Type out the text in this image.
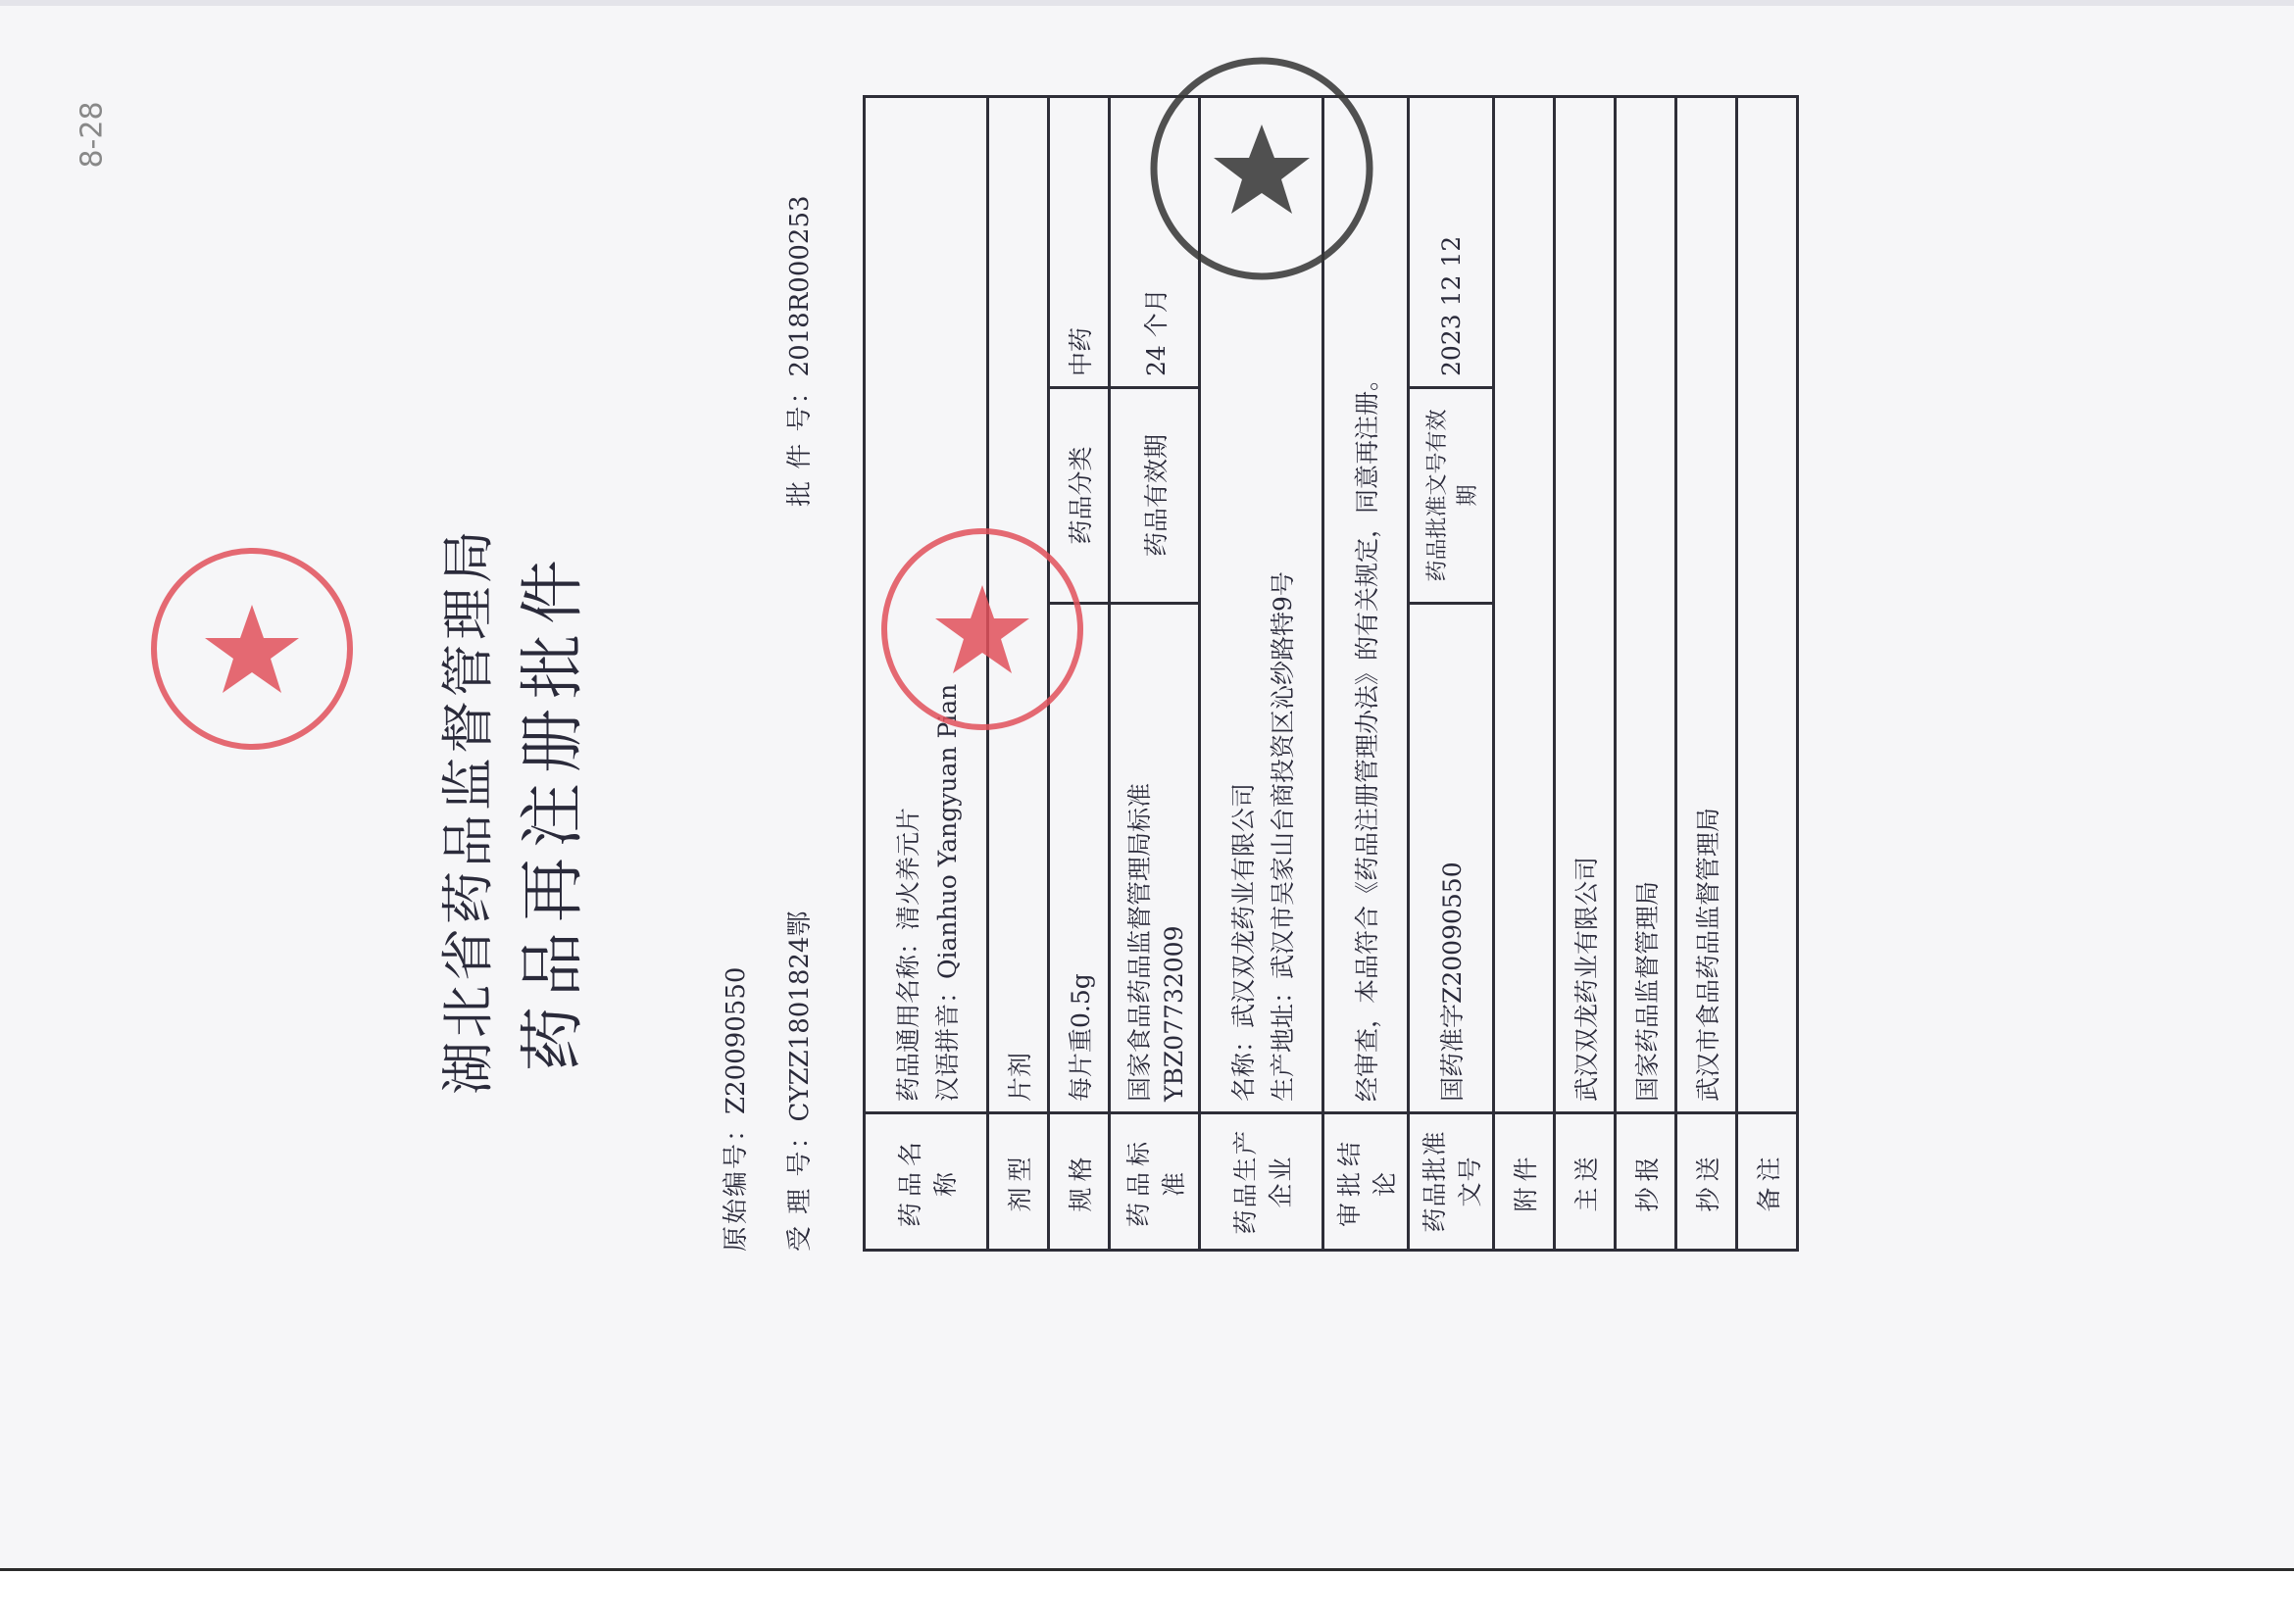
8-28
湖北省药品监督管理局 药品再注册批件
原始编号：Z20090550
受 理 号：CYZZ1801824鄂
批 件 号：2018R000253
药品名称	药品通用名称：清火养元片
汉语拼音：Qianhuo Yangyuan Pian		

剂型	片剂		
规格	每片重0.5g	药品分类	中药
药品标准	国家食品药品监督管理局标准 YBZ07732009	药品有效期	24 个月
药品生产企业	名称：武汉双龙药业有限公司
生产地址：武汉市吴家山台商投资区沁纱路特9号		

审批结论	经审查，本品符合《药品注册管理办法》的有关规定，同意再注册。		
药品批准文号	国药准字Z20090550	药品批准文号有效期	2023 12 12
附件			
主送	武汉双龙药业有限公司		
抄报	国家药品监督管理局		
抄送	武汉市食品药品监督管理局		
备注			
